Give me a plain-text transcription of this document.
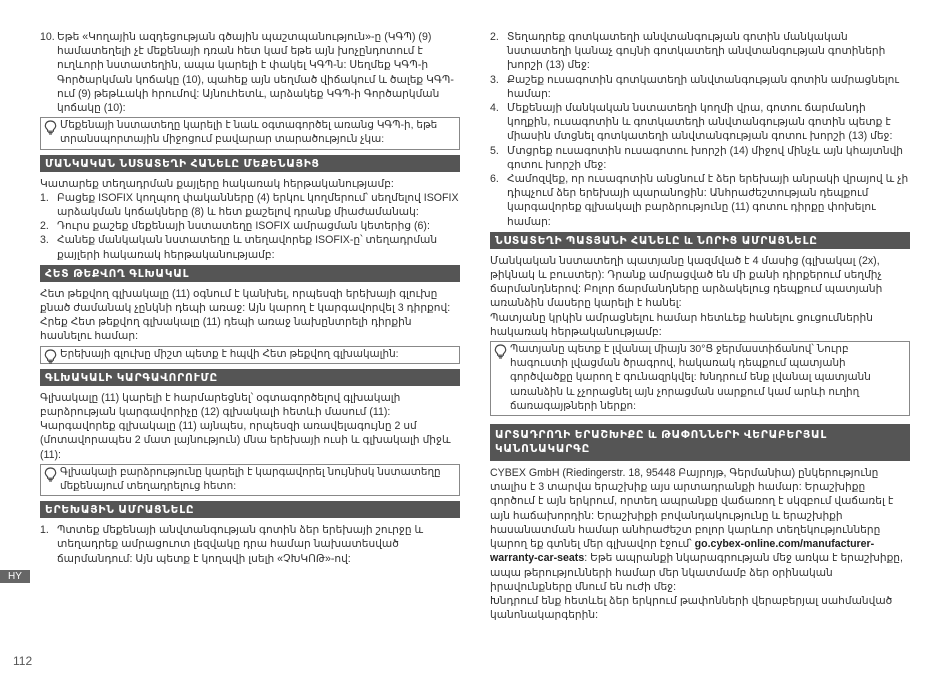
10. Եթե «Կողային ազդեցության գծային պաշտպանություն»-ը (ԿԳՊ) (9) համատեղելի չէ մեքենայի դռան հետ կամ եթե այն խոչընդոտում է ուղևորի նստատեղին, ապա կարելի է փակել ԿԳՊ-ն: Սեղմեք ԿԳՊ-ի Գործարկման կոճակը (10), պահեք այն սեղմած վիճակում և ծալեք ԿԳՊ-ում (9) թեթևակի հրումով: Այնուհետև, արձակեք ԿԳՊ-ի Գործարկման կոճակը (10):

Մեքենայի նստատեղը կարելի է նաև օգտագործել առանց ԿԳՊ-ի, եթե տրանսպորտային միջոցում բավարար տարածություն չկա:

ՄԱՆԿԱԿԱՆ ՆՍՏԱՏԵՂԻ ՀԱՆԵԼԸ ՄԵՔԵՆԱՅԻՑ

Կատարեք տեղադրման քայլերը հակառակ հերթականությամբ:

1. Բացեք ISOFIX կողպող փականները (4) երկու կողմերում՝ սեղմելով ISOFIX արձակման կոճակները (8) և հետ քաշելով դրանք միաժամանակ:
2. Դուրս քաշեք մեքենայի նստատեղը ISOFIX ամրացման կետերից (6):
3. Հանեք մանկական նստատեղը և տեղավորեք ISOFIX-ը՝ տեղադրման քայլերի հակառակ հերթականությամբ:
ՀԵՏ ԹԵՔՎՈՂ ԳԼԽԱԿԱԼ

Հետ թեքվող գլխակալը (11) օգնում է կանխել, որպեսզի երեխայի գլուխը քնած ժամանակ չընկնի դեպի առաջ: Այն կարող է կարգավորվել 3 դիրքով: Հրեք Հետ թեքվող գլխակալը (11) դեպի առաջ նախընտրելի դիրքին հասնելու համար:

Երեխայի գլուխը միշտ պետք է հպվի Հետ թեքվող գլխակալին:

ԳԼԽԱԿԱԼԻ ԿԱՐԳԱՎՈՐՈՒՄԸ

Գլխակալը (11) կարելի է հարմարեցնել՝ օգտագործելով գլխակալի բարձրության կարգավորիչը (12) գլխակալի հետևի մասում (11): Կարգավորեք գլխակալը (11) այնպես, որպեսզի առավելագույնը 2 սմ (մոտավորապես 2 մատ լայնություն) մնա երեխայի ուսի և գլխակալի միջև (11):

Գլխակալի բարձրությունը կարելի է կարգավորել նույնիսկ նստատեղը մեքենայում տեղադրելուց հետո:

ԵՐԵԽԱՅԻՆ ԱՄՐԱՑՆԵԼԸ
1. Պտտեք մեքենայի անվտանգության գոտին ձեր երեխայի շուրջը և տեղադրեք ամրացուոտ լեզվակը դրա համար նախատեսված ճարմանդում: Այն պետք է կողպվի լսելի «ՉԽԿՈԹ»-ով:
2. Տեղադրեք գոտկատեղի անվտանգության գոտին մանկական նստատեղի կանաչ գույնի գոտկատեղի անվտանգության գոտիների խորշի (13) մեջ:
3. Քաշեք ուսագոտին գոտկատեղի անվտանգության գոտին ամրացնելու համար:
4. Մեքենայի մանկական նստատեղի կողմի վրա, գոտու ճարմանդի կողքին, ուսագոտին և գոտկատեղի անվտանգության գոտին պետք է միասին մտցնել գոտկատեղի անվտանգության գոտու խորշի (13) մեջ:
5. Մտցրեք ուսագոտին ուսագոտու խորշի (14) միջով մինչև այն կհայտնվի գոտու խորշի մեջ:
6. Համոզվեք, որ ուսագոտին անցնում է ձեր երեխայի անրակի վրայով և չի դիպչում ձեր երեխայի պարանոցին: Անհրաժեշտության դեպքում կարգավորեք գլխակալի բարձրությունը (11) գոտու դիրքը փոխելու համար:
ՆՍՏԱՏԵՂԻ ՊԱՏՅԱՆԻ ՀԱՆԵԼԸ և ՆՈՐԻՑ ԱՄՐԱՑՆԵԼԸ

Մանկական նստատեղի պատյանը կազմված է 4 մասից (գլխակալ (2x), թիկնակ և բուստեր): Դրանք ամրացված են մի քանի դիրքերում սեղմիչ ճարմանդներով: Բոլոր ճարմանդները արձակելուց դեպքում պատյանի առանձին մասերը կարելի է հանել:

Պատյանը կրկին ամրացնելու համար հետևեք հանելու ցուցումներին հակառակ հերթականությամբ:

Պատյանը պետք է լվանալ միայն 30°Ց ջերմաստիճանով՝ Նուրբ հագուստի լվացման ծրագրով, հակառակ դեպքում պատյանի գործվածքը կարող է գունազրկվել: Խնդրում ենք լվանալ պատյանն առանձին և չչորացնել այն չորացման սարքում կամ արևի ուղիղ ճառագայթների ներքո:

ԱՐՏԱԴՐՈՂԻ ԵՐԱՇԽԻՔԸ և ԹԱՓՈՆՆԵՐԻ ՎԵՐԱԲԵՐՅԱԼ ԿԱՆՈՆԱԿԱՐԳԸ

CYBEX GmbH (Riedingerstr. 18, 95448 Բայրոյթ, Գերմանիա) ընկերությունը տալիս է 3 տարվա երաշխիք այս արտադրանքի համար: Երաշխիքը գործում է այն երկրում, որտեղ ապրանքը վաճառող է սկզբում վաճառել է այն հաճախորդին: Երաշխիքի բովանդակությունը և երաշխիքի հասանատման համար անհրաժեշտ բոլոր կարևոր տեղեկությունները կարող եք գտնել մեր գլխավոր էջում՝ go.cybex-online.com/manufacturer-warranty-car-seats: Եթե ապրանքի նկարագրության մեջ առկա է երաշխիքը, ապա թերությունների համար մեր նկատմամբ ձեր օրինական իրավունքները մնում են ուժի մեջ:

Խնդրում ենք հետևել ձեր երկրում թափոնների վերաբերյալ սահմանված կանոնակարգերին:

HY
112
